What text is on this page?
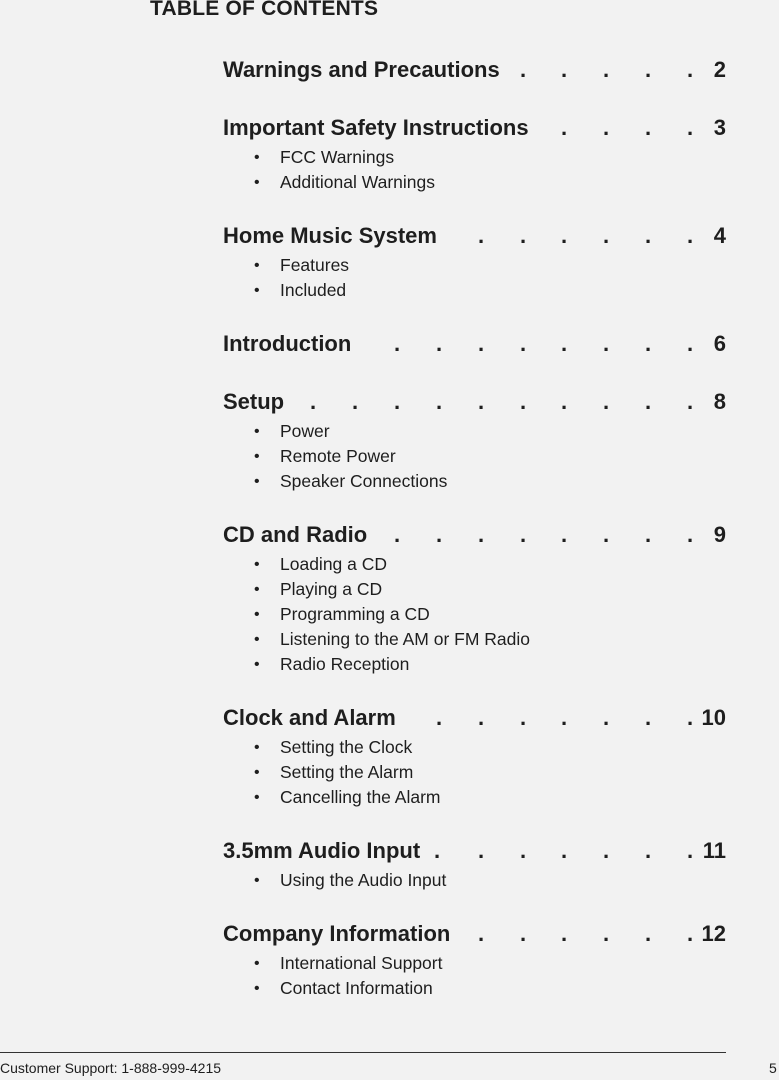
TABLE OF CONTENTS
Warnings and Precautions . . . . . 2
Important Safety Instructions . . . . 3
• FCC Warnings
• Additional Warnings
Home Music System . . . . . . 4
• Features
• Included
Introduction . . . . . . . . 6
Setup . . . . . . . . . . 8
• Power
• Remote Power
• Speaker Connections
CD and Radio . . . . . . . . 9
• Loading a CD
• Playing a CD
• Programming a CD
• Listening to the AM or FM Radio
• Radio Reception
Clock and Alarm . . . . . . . 10
• Setting the Clock
• Setting the Alarm
• Cancelling the Alarm
3.5mm Audio Input . . . . . . . 11
• Using the Audio Input
Company Information . . . . . . 12
• International Support
• Contact Information
Customer Support: 1-888-999-4215	5
